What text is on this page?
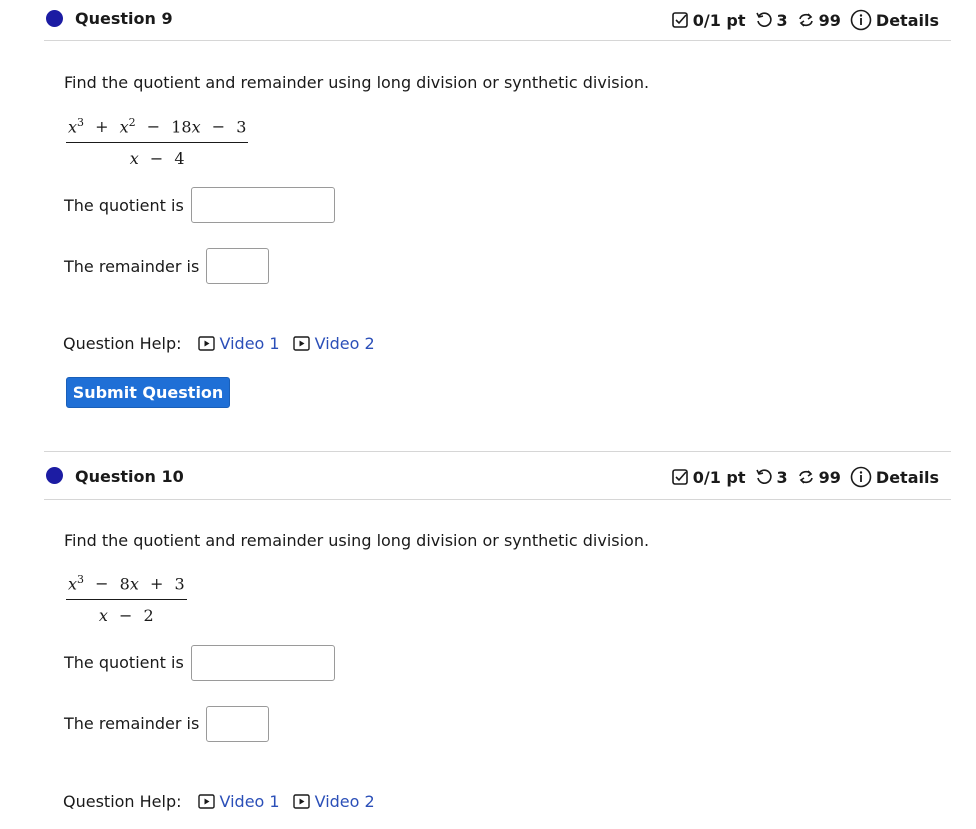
Question 9	0/1 pt 3 99 Details
Find the quotient and remainder using long division or synthetic division.
$x^3 + x^2 - 18x - 3$
x − 4
The quotient is
The remainder is
Question Help: Video 1 Video 2
Submit Question
Question 10	0/1 pt 3 99 Details
Find the quotient and remainder using long division or synthetic division.
$x^3 - 8x + 3$
x − 2
The quotient is
The remainder is
Question Help: Video 1 Video 2
